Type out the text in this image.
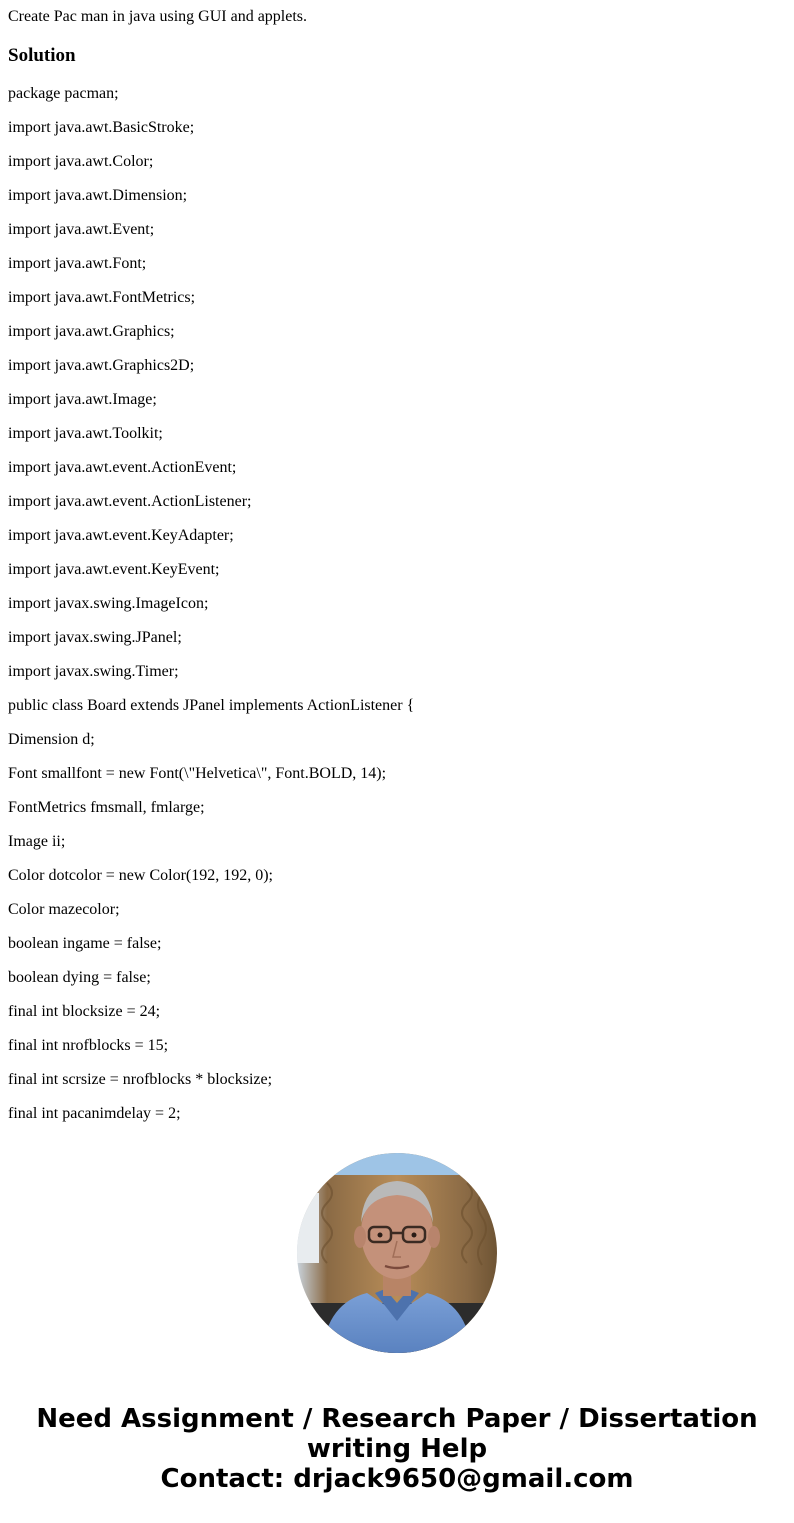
Create Pac man in java using GUI and applets.
Solution
package pacman;
import java.awt.BasicStroke;
import java.awt.Color;
import java.awt.Dimension;
import java.awt.Event;
import java.awt.Font;
import java.awt.FontMetrics;
import java.awt.Graphics;
import java.awt.Graphics2D;
import java.awt.Image;
import java.awt.Toolkit;
import java.awt.event.ActionEvent;
import java.awt.event.ActionListener;
import java.awt.event.KeyAdapter;
import java.awt.event.KeyEvent;
import javax.swing.ImageIcon;
import javax.swing.JPanel;
import javax.swing.Timer;
public class Board extends JPanel implements ActionListener {
Dimension d;
Font smallfont = new Font(\"Helvetica\", Font.BOLD, 14);
FontMetrics fmsmall, fmlarge;
Image ii;
Color dotcolor = new Color(192, 192, 0);
Color mazecolor;
boolean ingame = false;
boolean dying = false;
final int blocksize = 24;
final int nrofblocks = 15;
final int scrsize = nrofblocks * blocksize;
final int pacanimdelay = 2;
Need Assignment / Research Paper / Dissertation
writing Help
Contact: drjack9650@gmail.com
